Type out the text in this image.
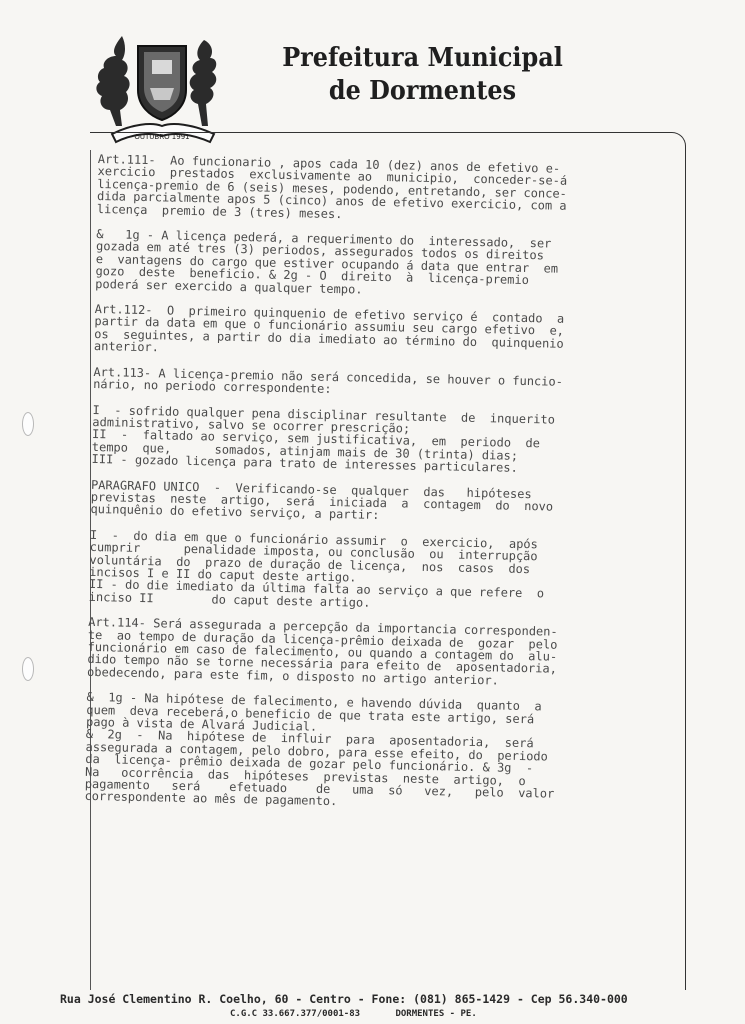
OUTUBRO 1991
Prefeitura Municipal
de Dormentes

Art.111-  Ao funcionario , apos cada 10 (dez) anos de efetivo e-
xercicio  prestados  exclusivamente ao  municipio,  conceder-se-á
licença-premio de 6 (seis) meses, podendo, entretando, ser conce-
dida parcialmente apos 5 (cinco) anos de efetivo exercicio, com a
licença  premio de 3 (tres) meses.

&   1g - A licença pederá, a requerimento do  interessado,  ser
gozada em até tres (3) periodos, assegurados todos os direitos
e  vantagens do cargo que estiver ocupando á data que entrar  em
gozo  deste  beneficio. & 2g - O  direito  à  licença-premio
poderá ser exercido a qualquer tempo.

Art.112-  O  primeiro quinquenio de efetivo serviço é  contado  a
partir da data em que o funcionário assumiu seu cargo efetivo  e,
os  seguintes, a partir do dia imediato ao término do  quinquenio
anterior.

Art.113- A licença-premio não será concedida, se houver o funcio-
nário, no periodo correspondente:

I  - sofrido qualquer pena disciplinar resultante  de  inquerito
administrativo, salvo se ocorrer prescrição;
II  -  faltado ao serviço, sem justificativa,  em  periodo  de
tempo  que,      somados, atinjam mais de 30 (trinta) dias;
III - gozado licença para trato de interesses particulares.

PARAGRAFO UNICO  -  Verificando-se  qualquer  das   hipóteses
previstas  neste  artigo,  será  iniciada  a  contagem  do  novo
quinquênio do efetivo serviço, a partir:

I  -  do dia em que o funcionário assumir  o  exercicio,  após
cumprir      penalidade imposta, ou conclusão  ou  interrupção
voluntária  do  prazo de duração de licença,  nos  casos  dos
incisos I e II do caput deste artigo.
II - do die imediato da última falta ao serviço a que refere  o
inciso II        do caput deste artigo.

Art.114- Será assegurada a percepção da importancia corresponden-
te  ao tempo de duração da licença-prêmio deixada de  gozar  pelo
funcionário em caso de falecimento, ou quando a contagem do  alu-
dido tempo não se torne necessária para efeito de  aposentadoria,
obedecendo, para este fim, o disposto no artigo anterior.

&  1g - Na hipótese de falecimento, e havendo dúvida  quanto  a
quem  deva receberá,o beneficio de que trata este artigo, será
pago à vista de Alvará Judicial.
&  2g  -  Na  hipótese de  influir  para  aposentadoria,  será
assegurada a contagem, pelo dobro, para esse efeito, do  periodo
da  licença- prêmio deixada de gozar pelo funcionário. & 3g  -
Na   ocorrência  das  hipóteses  previstas  neste  artigo,  o
pagamento   será    efetuado    de   uma  só   vez,   pelo  valor
correspondente ao mês de pagamento.

Rua José Clementino R. Coelho, 60 - Centro - Fone: (081) 865-1429 - Cep 56.340-000
C.G.C 33.667.377/0001-83	DORMENTES - PE.
